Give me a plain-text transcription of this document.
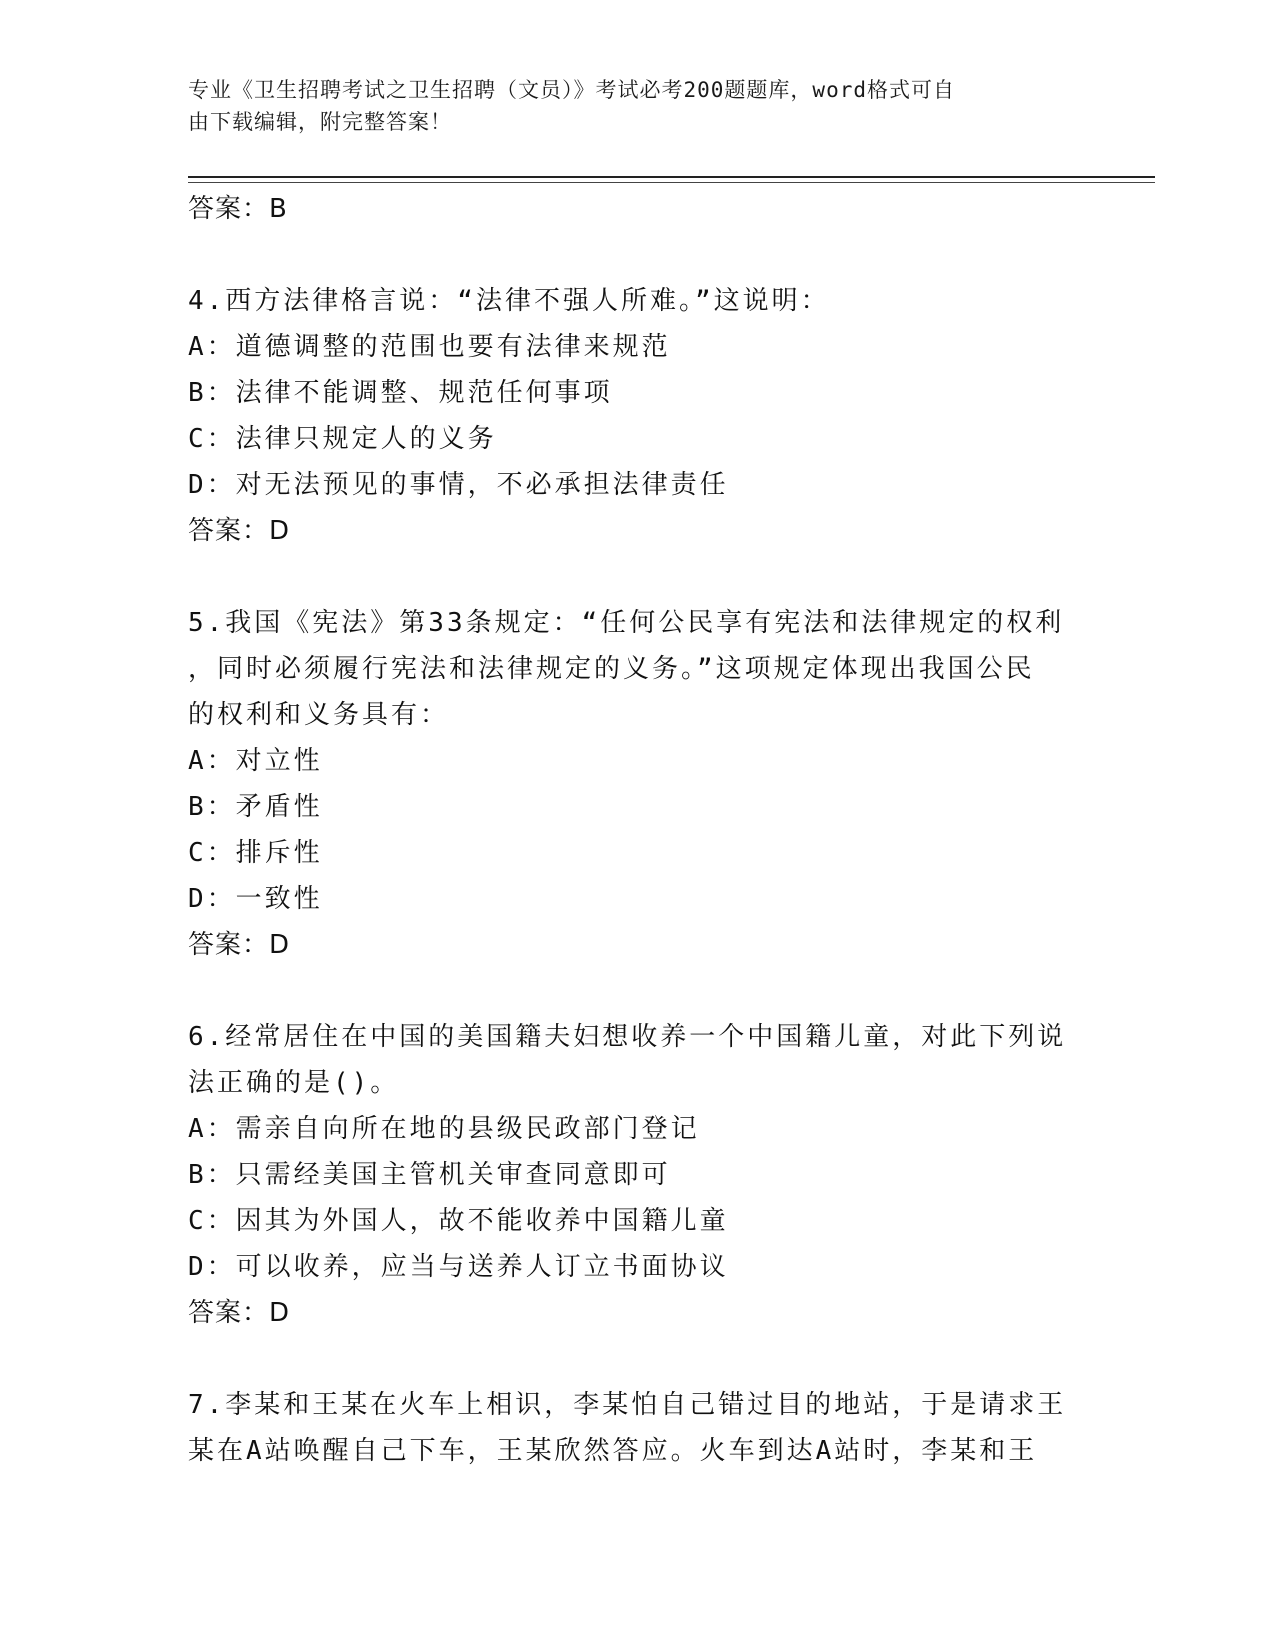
专业《卫生招聘考试之卫生招聘（文员）》考试必考200题题库，word格式可自
由下载编辑，附完整答案！
答案：B
4.西方法律格言说：“法律不强人所难。”这说明：
A：道德调整的范围也要有法律来规范
B：法律不能调整、规范任何事项
C：法律只规定人的义务
D：对无法预见的事情，不必承担法律责任
答案：D
5.我国《宪法》第33条规定：“任何公民享有宪法和法律规定的权利
，同时必须履行宪法和法律规定的义务。”这项规定体现出我国公民
的权利和义务具有：
A：对立性
B：矛盾性
C：排斥性
D：一致性
答案：D
6.经常居住在中国的美国籍夫妇想收养一个中国籍儿童，对此下列说
法正确的是()。
A：需亲自向所在地的县级民政部门登记
B：只需经美国主管机关审查同意即可
C：因其为外国人，故不能收养中国籍儿童
D：可以收养，应当与送养人订立书面协议
答案：D
7.李某和王某在火车上相识，李某怕自己错过目的地站，于是请求王
某在A站唤醒自己下车，王某欣然答应。火车到达A站时，李某和王
